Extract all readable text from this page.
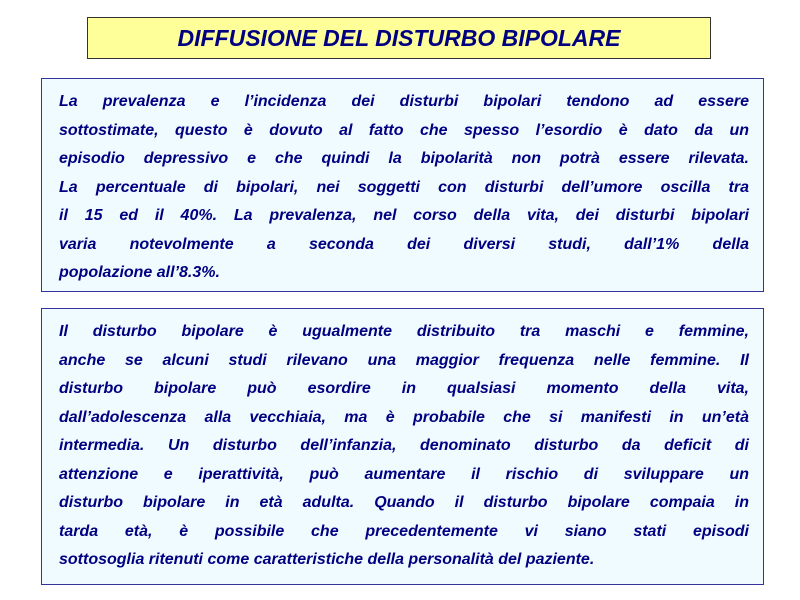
DIFFUSIONE DEL DISTURBO BIPOLARE
La prevalenza e l’incidenza dei disturbi bipolari tendono ad essere
sottostimate, questo è dovuto al fatto che spesso l’esordio è dato da un
episodio depressivo e che quindi la bipolarità non potrà essere rilevata.
La percentuale di bipolari, nei soggetti con disturbi dell’umore oscilla tra
il 15 ed il 40%. La prevalenza, nel corso della vita, dei disturbi bipolari
varia notevolmente a seconda dei diversi studi, dall’1% della
popolazione all’8.3%.
Il disturbo bipolare è ugualmente distribuito tra maschi e femmine,
anche se alcuni studi rilevano una maggior frequenza nelle femmine. Il
disturbo bipolare può esordire in qualsiasi momento della vita,
dall’adolescenza alla vecchiaia, ma è probabile che si manifesti in un’età
intermedia. Un disturbo dell’infanzia, denominato disturbo da deficit di
attenzione e iperattività, può aumentare il rischio di sviluppare un
disturbo bipolare in età adulta. Quando il disturbo bipolare compaia in
tarda età, è possibile che precedentemente vi siano stati episodi
sottosoglia ritenuti come caratteristiche della personalità del paziente.
